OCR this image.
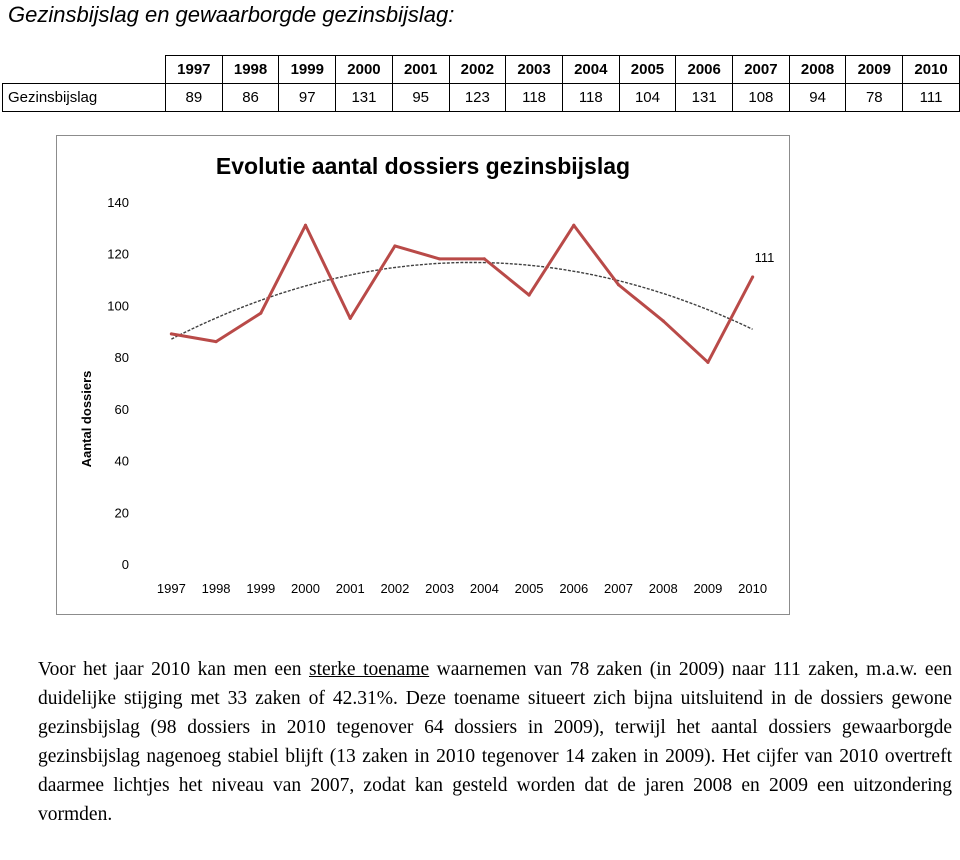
Gezinsbijslag en gewaarborgde gezinsbijslag:
	1997	1998	1999	2000	2001	2002	2003	2004	2005	2006	2007	2008	2009	2010
Gezinsbijslag	89	86	97	131	95	123	118	118	104	131	108	94	78	111
Evolutie aantal dossiers gezinsbijslag
Aantal dossiers
0
20
40
60
80
100
120
140
1997 1998 1999 2000 2001 2002 2003 2004 2005 2006 2007 2008 2009 2010
111

Voor het jaar 2010 kan men een sterke toename waarnemen van 78 zaken (in 2009) naar 111 zaken, m.a.w. een duidelijke stijging met 33 zaken of 42.31%. Deze toename situeert zich bijna uitsluitend in de dossiers gewone gezinsbijslag (98 dossiers in 2010 tegenover 64 dossiers in 2009), terwijl het aantal dossiers gewaarborgde gezinsbijslag nagenoeg stabiel blijft (13 zaken in 2010 tegenover 14 zaken in 2009). Het cijfer van 2010 overtreft daarmee lichtjes het niveau van 2007, zodat kan gesteld worden dat de jaren 2008 en 2009 een uitzondering vormden.
